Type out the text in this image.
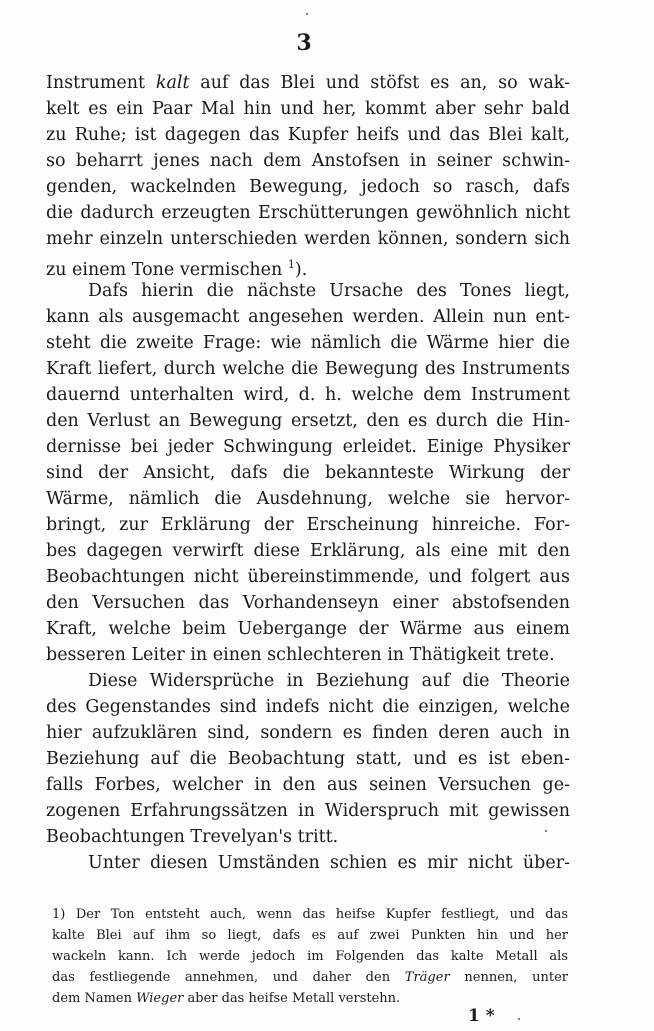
3
Instrument kalt auf das Blei und stöfst es an, so wak-
kelt es ein Paar Mal hin und her, kommt aber sehr bald
zu Ruhe; ist dagegen das Kupfer heifs und das Blei kalt,
so beharrt jenes nach dem Anstofsen in seiner schwin-
genden, wackelnden Bewegung, jedoch so rasch, dafs
die dadurch erzeugten Erschütterungen gewöhnlich nicht
mehr einzeln unterschieden werden können, sondern sich
zu einem Tone vermischen $^1$).
Dafs hierin die nächste Ursache des Tones liegt,
kann als ausgemacht angesehen werden. Allein nun ent-
steht die zweite Frage: wie nämlich die Wärme hier die
Kraft liefert, durch welche die Bewegung des Instruments
dauernd unterhalten wird, d. h. welche dem Instrument
den Verlust an Bewegung ersetzt, den es durch die Hin-
dernisse bei jeder Schwingung erleidet. Einige Physiker
sind der Ansicht, dafs die bekannteste Wirkung der
Wärme, nämlich die Ausdehnung, welche sie hervor-
bringt, zur Erklärung der Erscheinung hinreiche. For-
bes dagegen verwirft diese Erklärung, als eine mit den
Beobachtungen nicht übereinstimmende, und folgert aus
den Versuchen das Vorhandenseyn einer abstofsenden
Kraft, welche beim Uebergange der Wärme aus einem
besseren Leiter in einen schlechteren in Thätigkeit trete.
Diese Widersprüche in Beziehung auf die Theorie
des Gegenstandes sind indefs nicht die einzigen, welche
hier aufzuklären sind, sondern es finden deren auch in
Beziehung auf die Beobachtung statt, und es ist eben-
falls Forbes, welcher in den aus seinen Versuchen ge-
zogenen Erfahrungssätzen in Widerspruch mit gewissen
Beobachtungen Trevelyan's tritt.
Unter diesen Umständen schien es mir nicht über-
1) Der Ton entsteht auch, wenn das heifse Kupfer festliegt, und das
kalte Blei auf ihm so liegt, dafs es auf zwei Punkten hin und her
wackeln kann. Ich werde jedoch im Folgenden das kalte Metall als
das festliegende annehmen, und daher den Träger nennen, unter
dem Namen Wieger aber das heifse Metall verstehn.
1 *
